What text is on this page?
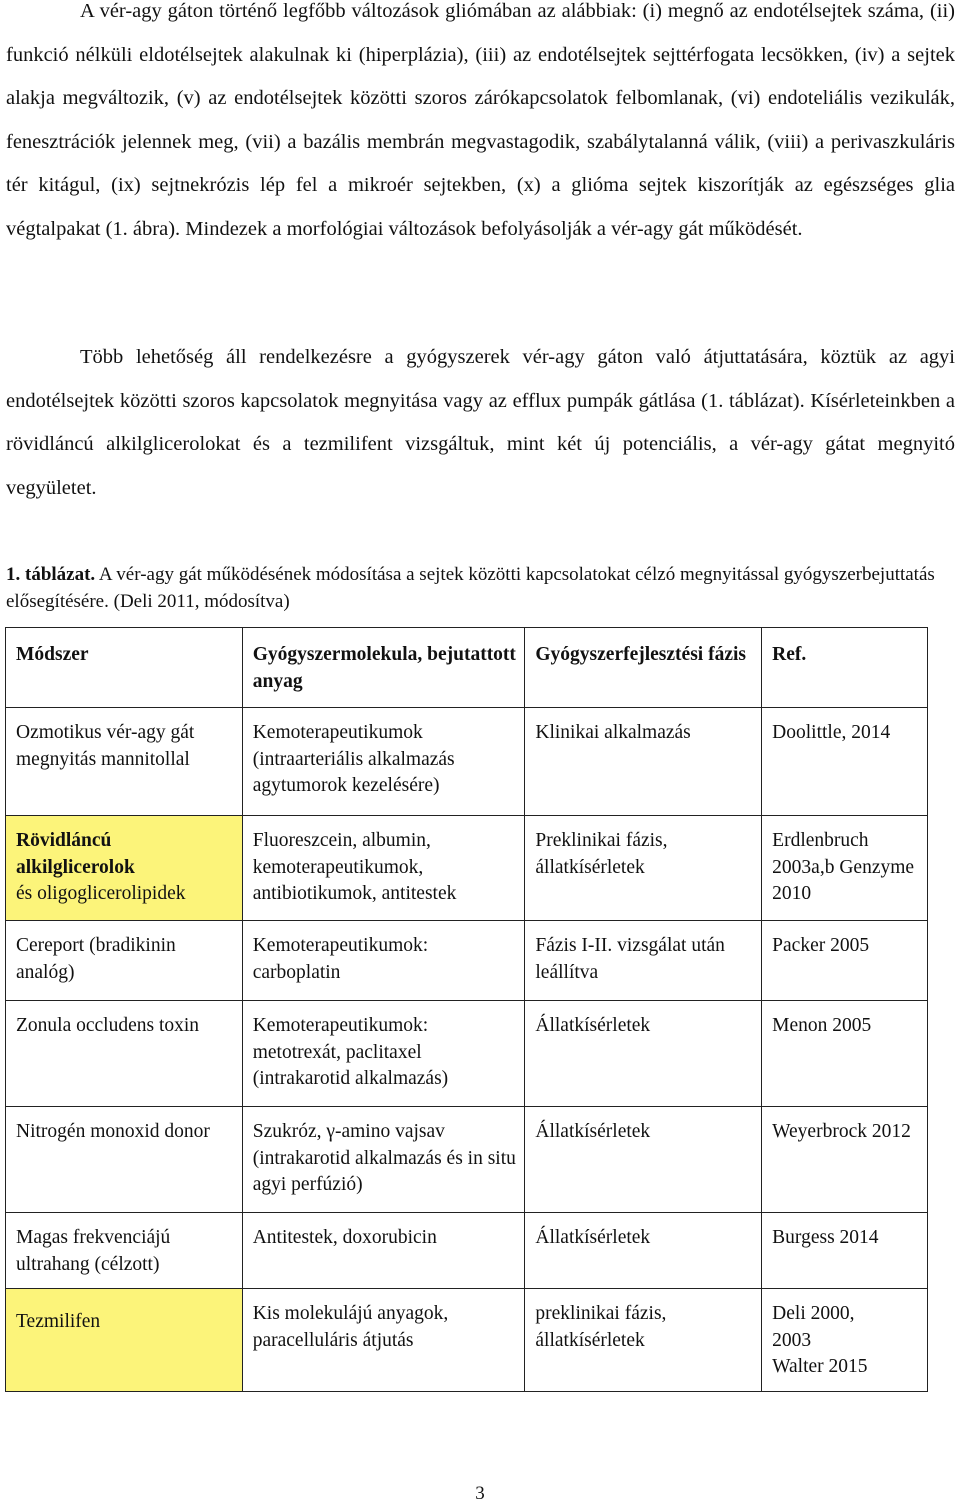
A vér-agy gáton történő legfőbb változások gliómában az alábbiak: (i) megnő az endotélsejtek száma, (ii) funkció nélküli eldotélsejtek alakulnak ki (hiperplázia), (iii) az endotélsejtek sejttérfogata lecsökken, (iv) a sejtek alakja megváltozik, (v) az endotélsejtek közötti szoros zárókapcsolatok felbomlanak, (vi) endoteliális vezikulák, fenesztrációk jelennek meg, (vii) a bazális membrán megvastagodik, szabálytalanná válik, (viii) a perivaszkuláris tér kitágul, (ix) sejtnekrózis lép fel a mikroér sejtekben, (x) a glióma sejtek kiszorítják az egészséges glia végtalpakat (1. ábra). Mindezek a morfológiai változások befolyásolják a vér-agy gát működését.

Több lehetőség áll rendelkezésre a gyógyszerek vér-agy gáton való átjuttatására, köztük az agyi endotélsejtek közötti szoros kapcsolatok megnyitása vagy az efflux pumpák gátlása (1. táblázat). Kísérleteinkben a rövidláncú alkilglicerolokat és a tezmilifent vizsgáltuk, mint két új potenciális, a vér-agy gátat megnyitó vegyületet.

1. táblázat. A vér-agy gát működésének módosítása a sejtek közötti kapcsolatokat célzó megnyitással gyógyszerbejuttatás elősegítésére. (Deli 2011, módosítva)

Módszer	Gyógyszermolekula, bejutattott anyag	Gyógyszerfejlesztési fázis	Ref.
Ozmotikus vér-agy gát megnyitás mannitollal	Kemoterapeutikumok (intraarteriális alkalmazás agytumorok kezelésére)	Klinikai alkalmazás	Doolittle, 2014
Rövidláncú alkilglicerolok
és oligoglicerolipidek	Fluoreszcein, albumin, kemoterapeutikumok, antibiotikumok, antitestek	Preklinikai fázis, állatkísérletek	Erdlenbruch 2003a,b Genzyme 2010
Cereport (bradikinin analóg)	Kemoterapeutikumok: carboplatin	Fázis I-II. vizsgálat után leállítva	Packer 2005
Zonula occludens toxin	Kemoterapeutikumok: metotrexát, paclitaxel (intrakarotid alkalmazás)	Állatkísérletek	Menon 2005
Nitrogén monoxid donor	Szukróz, γ-amino vajsav (intrakarotid alkalmazás és in situ agyi perfúzió)	Állatkísérletek	Weyerbrock 2012
Magas frekvenciájú ultrahang (célzott)	Antitestek, doxorubicin	Állatkísérletek	Burgess 2014
Tezmilifen	Kis molekulájú anyagok, paracelluláris átjutás	preklinikai fázis, állatkísérletek	Deli 2000,
2003
Walter 2015

3
